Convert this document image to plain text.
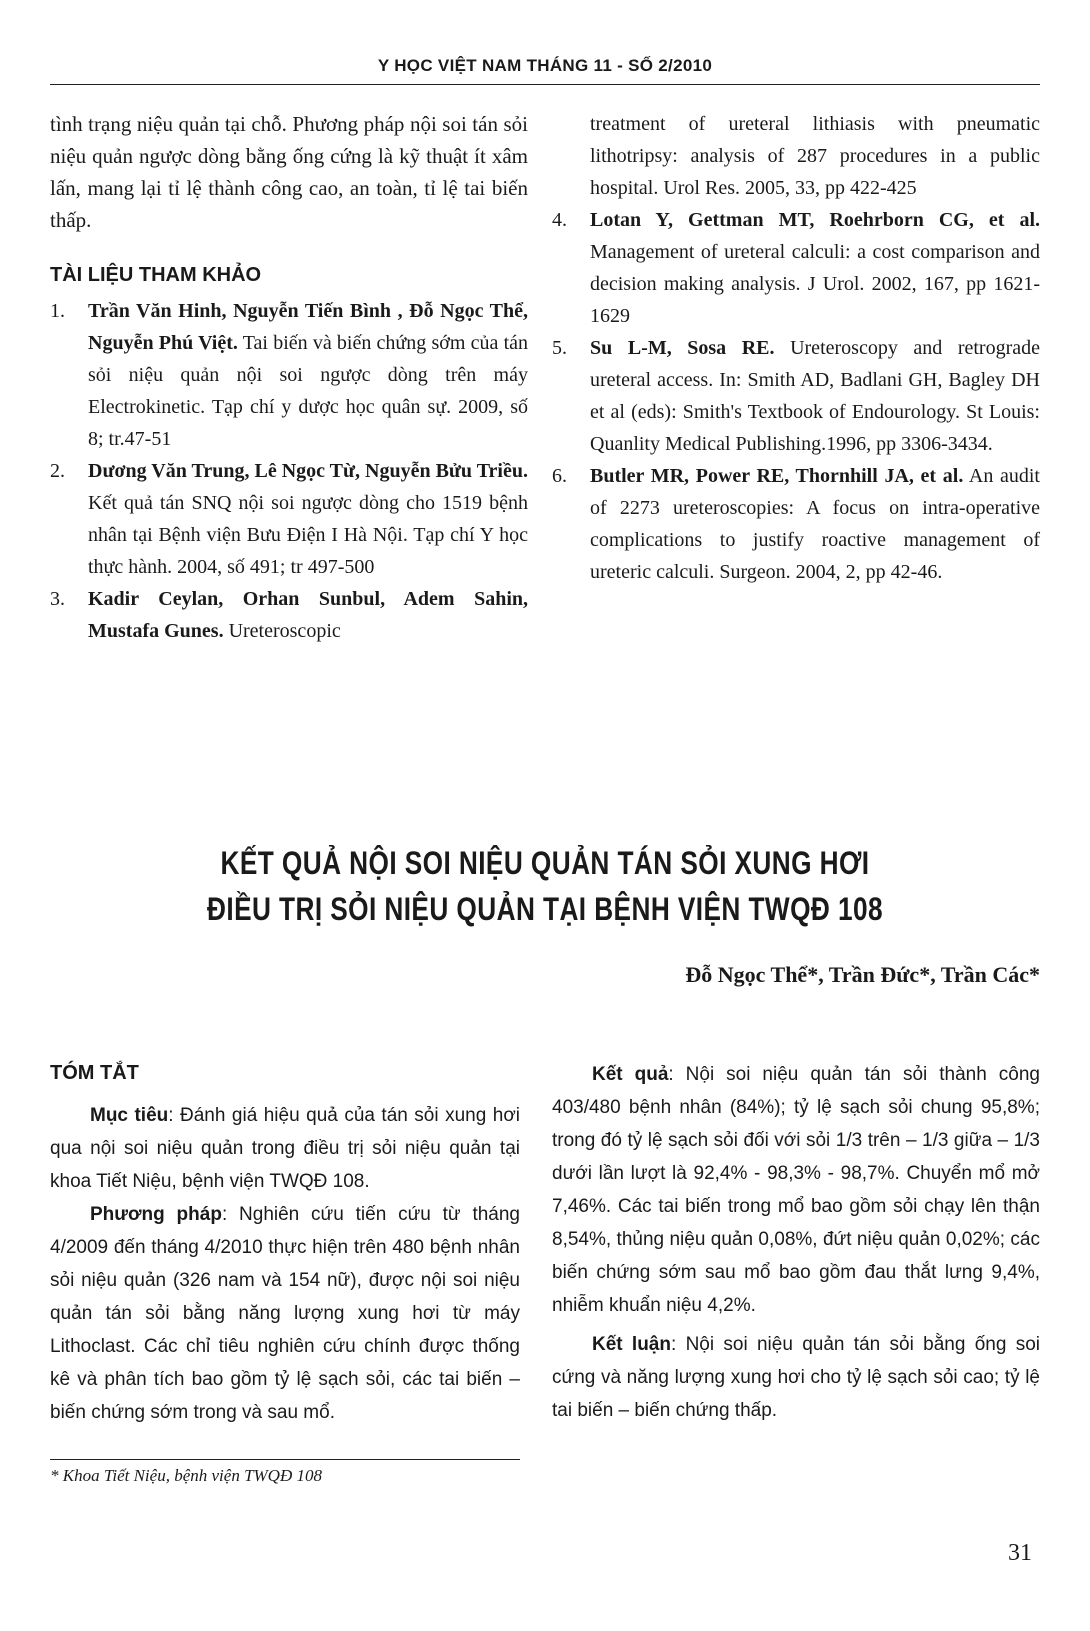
Y HỌC VIỆT NAM THÁNG 11 - SỐ 2/2010

tình trạng niệu quản tại chỗ. Phương pháp nội soi tán sỏi niệu quản ngược dòng bằng ống cứng là kỹ thuật ít xâm lấn, mang lại tỉ lệ thành công cao, an toàn, tỉ lệ tai biến thấp.

TÀI LIỆU THAM KHẢO
1.	Trần Văn Hinh, Nguyễn Tiến Bình , Đỗ Ngọc Thể, Nguyễn Phú Việt. Tai biến và biến chứng sớm của tán sỏi niệu quản nội soi ngược dòng trên máy Electrokinetic. Tạp chí y dược học quân sự. 2009, số 8; tr.47-51
2.	Dương Văn Trung, Lê Ngọc Từ, Nguyễn Bửu Triều. Kết quả tán SNQ nội soi ngược dòng cho 1519 bệnh nhân tại Bệnh viện Bưu Điện I Hà Nội. Tạp chí Y học thực hành. 2004, số 491; tr 497-500
3.	Kadir Ceylan, Orhan Sunbul, Adem Sahin, Mustafa Gunes. Ureteroscopic
treatment of ureteral lithiasis with pneumatic lithotripsy: analysis of 287 procedures in a public hospital. Urol Res. 2005, 33, pp 422-425
4.	Lotan Y, Gettman MT, Roehrborn CG, et al. Management of ureteral calculi: a cost comparison and decision making analysis. J Urol. 2002, 167, pp 1621-1629
5.	Su L-M, Sosa RE. Ureteroscopy and retrograde ureteral access. In: Smith AD, Badlani GH, Bagley DH et al (eds): Smith's Textbook of Endourology. St Louis: Quanlity Medical Publishing.1996, pp 3306-3434.
6.	Butler MR, Power RE, Thornhill JA, et al. An audit of 2273 ureteroscopies: A focus on intra-operative complications to justify roactive management of ureteric calculi. Surgeon. 2004, 2, pp 42-46.
KẾT QUẢ NỘI SOI NIỆU QUẢN TÁN SỎI XUNG HƠI
ĐIỀU TRỊ SỎI NIỆU QUẢN TẠI BỆNH VIỆN TWQĐ 108
Đỗ Ngọc Thể*, Trần Đức*, Trần Các*
TÓM TẮT

Mục tiêu: Đánh giá hiệu quả của tán sỏi xung hơi qua nội soi niệu quản trong điều trị sỏi niệu quản tại khoa Tiết Niệu, bệnh viện TWQĐ 108.

Phương pháp: Nghiên cứu tiến cứu từ tháng 4/2009 đến tháng 4/2010 thực hiện trên 480 bệnh nhân sỏi niệu quản (326 nam và 154 nữ), được nội soi niệu quản tán sỏi bằng năng lượng xung hơi từ máy Lithoclast. Các chỉ tiêu nghiên cứu chính được thống kê và phân tích bao gồm tỷ lệ sạch sỏi, các tai biến – biến chứng sớm trong và sau mổ.

Kết quả: Nội soi niệu quản tán sỏi thành công 403/480 bệnh nhân (84%); tỷ lệ sạch sỏi chung 95,8%; trong đó tỷ lệ sạch sỏi đối với sỏi 1/3 trên – 1/3 giữa – 1/3 dưới lần lượt là 92,4% - 98,3% - 98,7%. Chuyển mổ mở 7,46%. Các tai biến trong mổ bao gồm sỏi chạy lên thận 8,54%, thủng niệu quản 0,08%, đứt niệu quản 0,02%; các biến chứng sớm sau mổ bao gồm đau thắt lưng 9,4%, nhiễm khuẩn niệu 4,2%.

Kết luận: Nội soi niệu quản tán sỏi bằng ống soi cứng và năng lượng xung hơi cho tỷ lệ sạch sỏi cao; tỷ lệ tai biến – biến chứng thấp.

* Khoa Tiết Niệu, bệnh viện TWQĐ 108
31
